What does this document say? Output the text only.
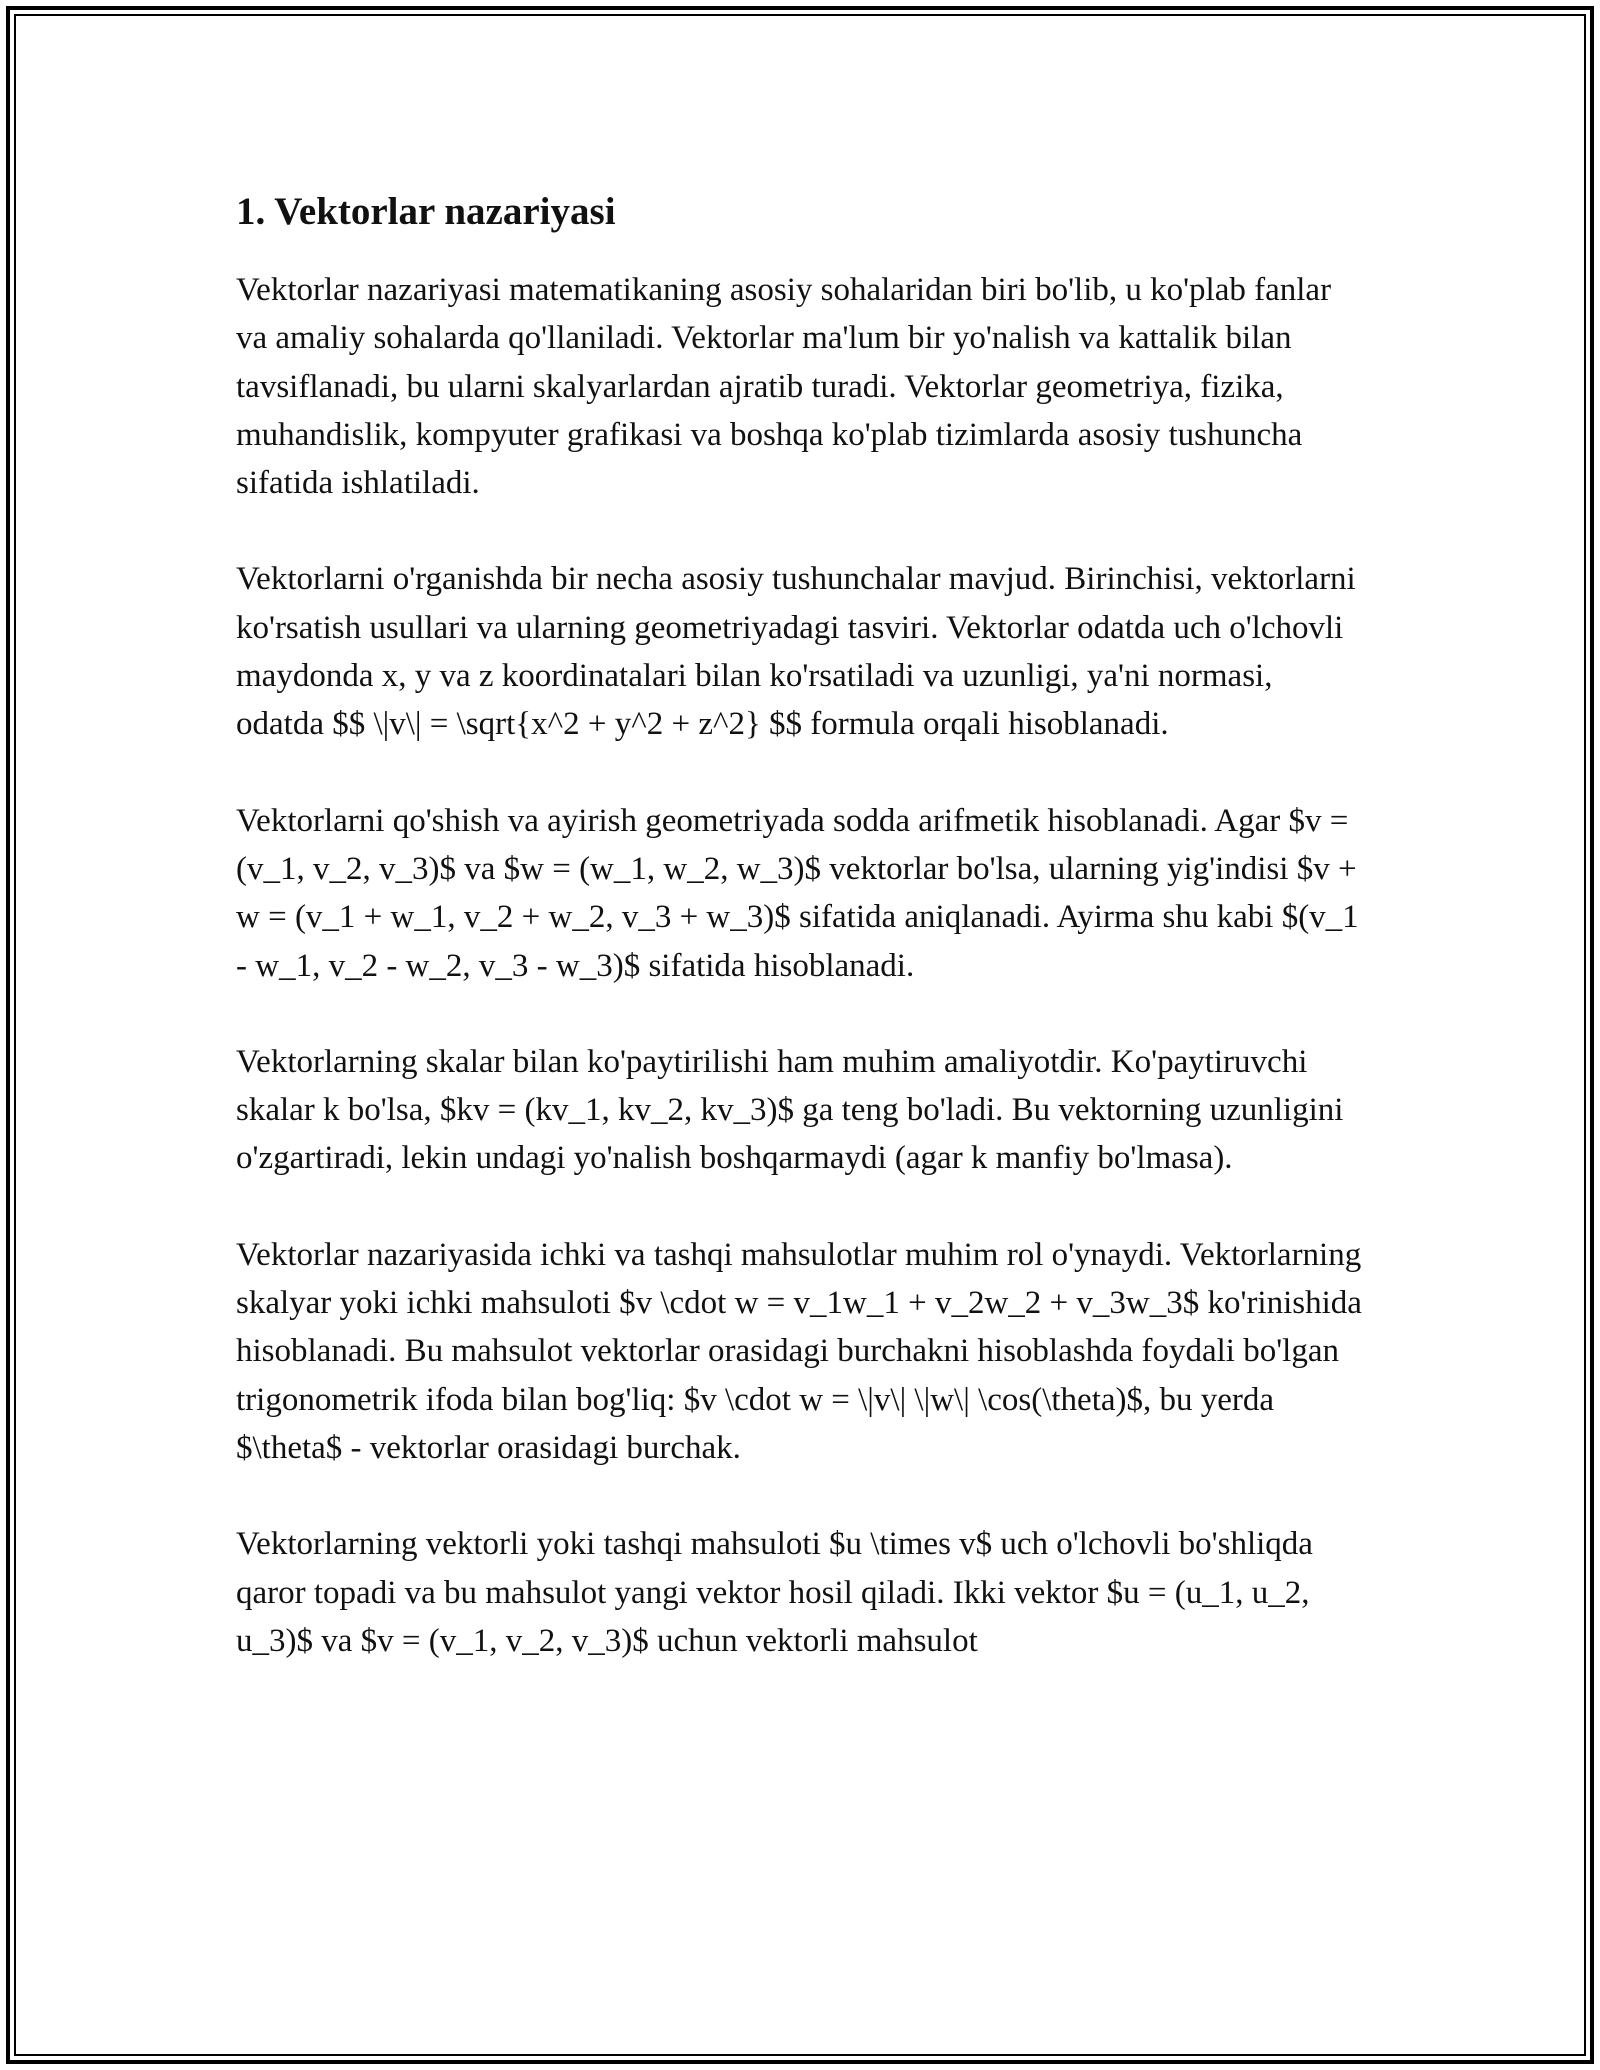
1. Vektorlar nazariyasi

Vektorlar nazariyasi matematikaning asosiy sohalaridan biri bo'lib, u ko'plab fanlar va amaliy sohalarda qo'llaniladi. Vektorlar ma'lum bir yo'nalish va kattalik bilan tavsiflanadi, bu ularni skalyarlardan ajratib turadi. Vektorlar geometriya, fizika, muhandislik, kompyuter grafikasi va boshqa ko'plab tizimlarda asosiy tushuncha sifatida ishlatiladi.

Vektorlarni o'rganishda bir necha asosiy tushunchalar mavjud. Birinchisi, vektorlarni ko'rsatish usullari va ularning geometriyadagi tasviri. Vektorlar odatda uch o'lchovli maydonda x, y va z koordinatalari bilan ko'rsatiladi va uzunligi, ya'ni normasi, odatda $$ \|v\| = \sqrt{x^2 + y^2 + z^2} $$ formula orqali hisoblanadi.

Vektorlarni qo'shish va ayirish geometriyada sodda arifmetik hisoblanadi. Agar $v = (v_1, v_2, v_3)$ va $w = (w_1, w_2, w_3)$ vektorlar bo'lsa, ularning yig'indisi $v + w = (v_1 + w_1, v_2 + w_2, v_3 + w_3)$ sifatida aniqlanadi. Ayirma shu kabi $(v_1 - w_1, v_2 - w_2, v_3 - w_3)$ sifatida hisoblanadi.

Vektorlarning skalar bilan ko'paytirilishi ham muhim amaliyotdir. Ko'paytiruvchi skalar k bo'lsa, $kv = (kv_1, kv_2, kv_3)$ ga teng bo'ladi. Bu vektorning uzunligini o'zgartiradi, lekin undagi yo'nalish boshqarmaydi (agar k manfiy bo'lmasa).

Vektorlar nazariyasida ichki va tashqi mahsulotlar muhim rol o'ynaydi. Vektorlarning skalyar yoki ichki mahsuloti $v \cdot w = v_1w_1 + v_2w_2 + v_3w_3$ ko'rinishida hisoblanadi. Bu mahsulot vektorlar orasidagi burchakni hisoblashda foydali bo'lgan trigonometrik ifoda bilan bog'liq: $v \cdot w = \|v\| \|w\| \cos(\theta)$, bu yerda $\theta$ - vektorlar orasidagi burchak.

Vektorlarning vektorli yoki tashqi mahsuloti $u \times v$ uch o'lchovli bo'shliqda qaror topadi va bu mahsulot yangi vektor hosil qiladi. Ikki vektor $u = (u_1, u_2, u_3)$ va $v = (v_1, v_2, v_3)$ uchun vektorli mahsulot
